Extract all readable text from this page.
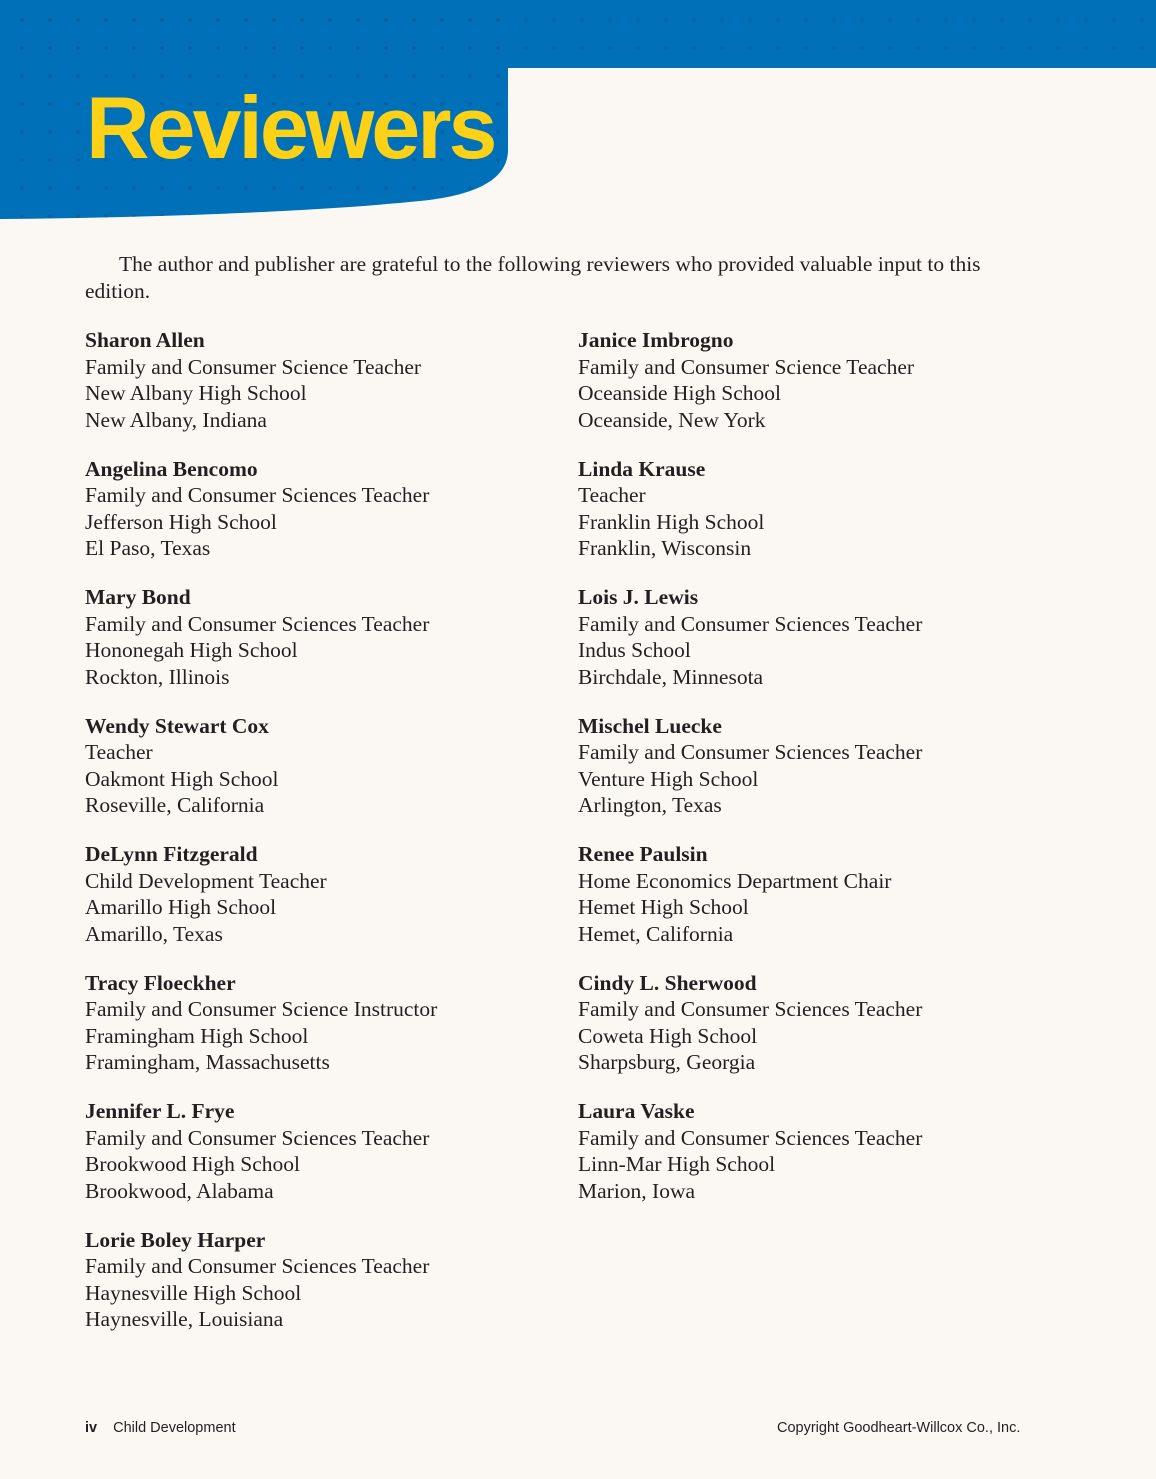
Reviewers

The author and publisher are grateful to the following reviewers who provided valuable input to this edition.

Sharon Allen
Family and Consumer Science Teacher
New Albany High School
New Albany, Indiana
Angelina Bencomo
Family and Consumer Sciences Teacher
Jefferson High School
El Paso, Texas
Mary Bond
Family and Consumer Sciences Teacher
Hononegah High School
Rockton, Illinois
Wendy Stewart Cox
Teacher
Oakmont High School
Roseville, California
DeLynn Fitzgerald
Child Development Teacher
Amarillo High School
Amarillo, Texas
Tracy Floeckher
Family and Consumer Science Instructor
Framingham High School
Framingham, Massachusetts
Jennifer L. Frye
Family and Consumer Sciences Teacher
Brookwood High School
Brookwood, Alabama
Lorie Boley Harper
Family and Consumer Sciences Teacher
Haynesville High School
Haynesville, Louisiana
Janice Imbrogno
Family and Consumer Science Teacher
Oceanside High School
Oceanside, New York
Linda Krause
Teacher
Franklin High School
Franklin, Wisconsin
Lois J. Lewis
Family and Consumer Sciences Teacher
Indus School
Birchdale, Minnesota
Mischel Luecke
Family and Consumer Sciences Teacher
Venture High School
Arlington, Texas
Renee Paulsin
Home Economics Department Chair
Hemet High School
Hemet, California
Cindy L. Sherwood
Family and Consumer Sciences Teacher
Coweta High School
Sharpsburg, Georgia
Laura Vaske
Family and Consumer Sciences Teacher
Linn-Mar High School
Marion, Iowa
iv Child Development	Copyright Goodheart-Willcox Co., Inc.
